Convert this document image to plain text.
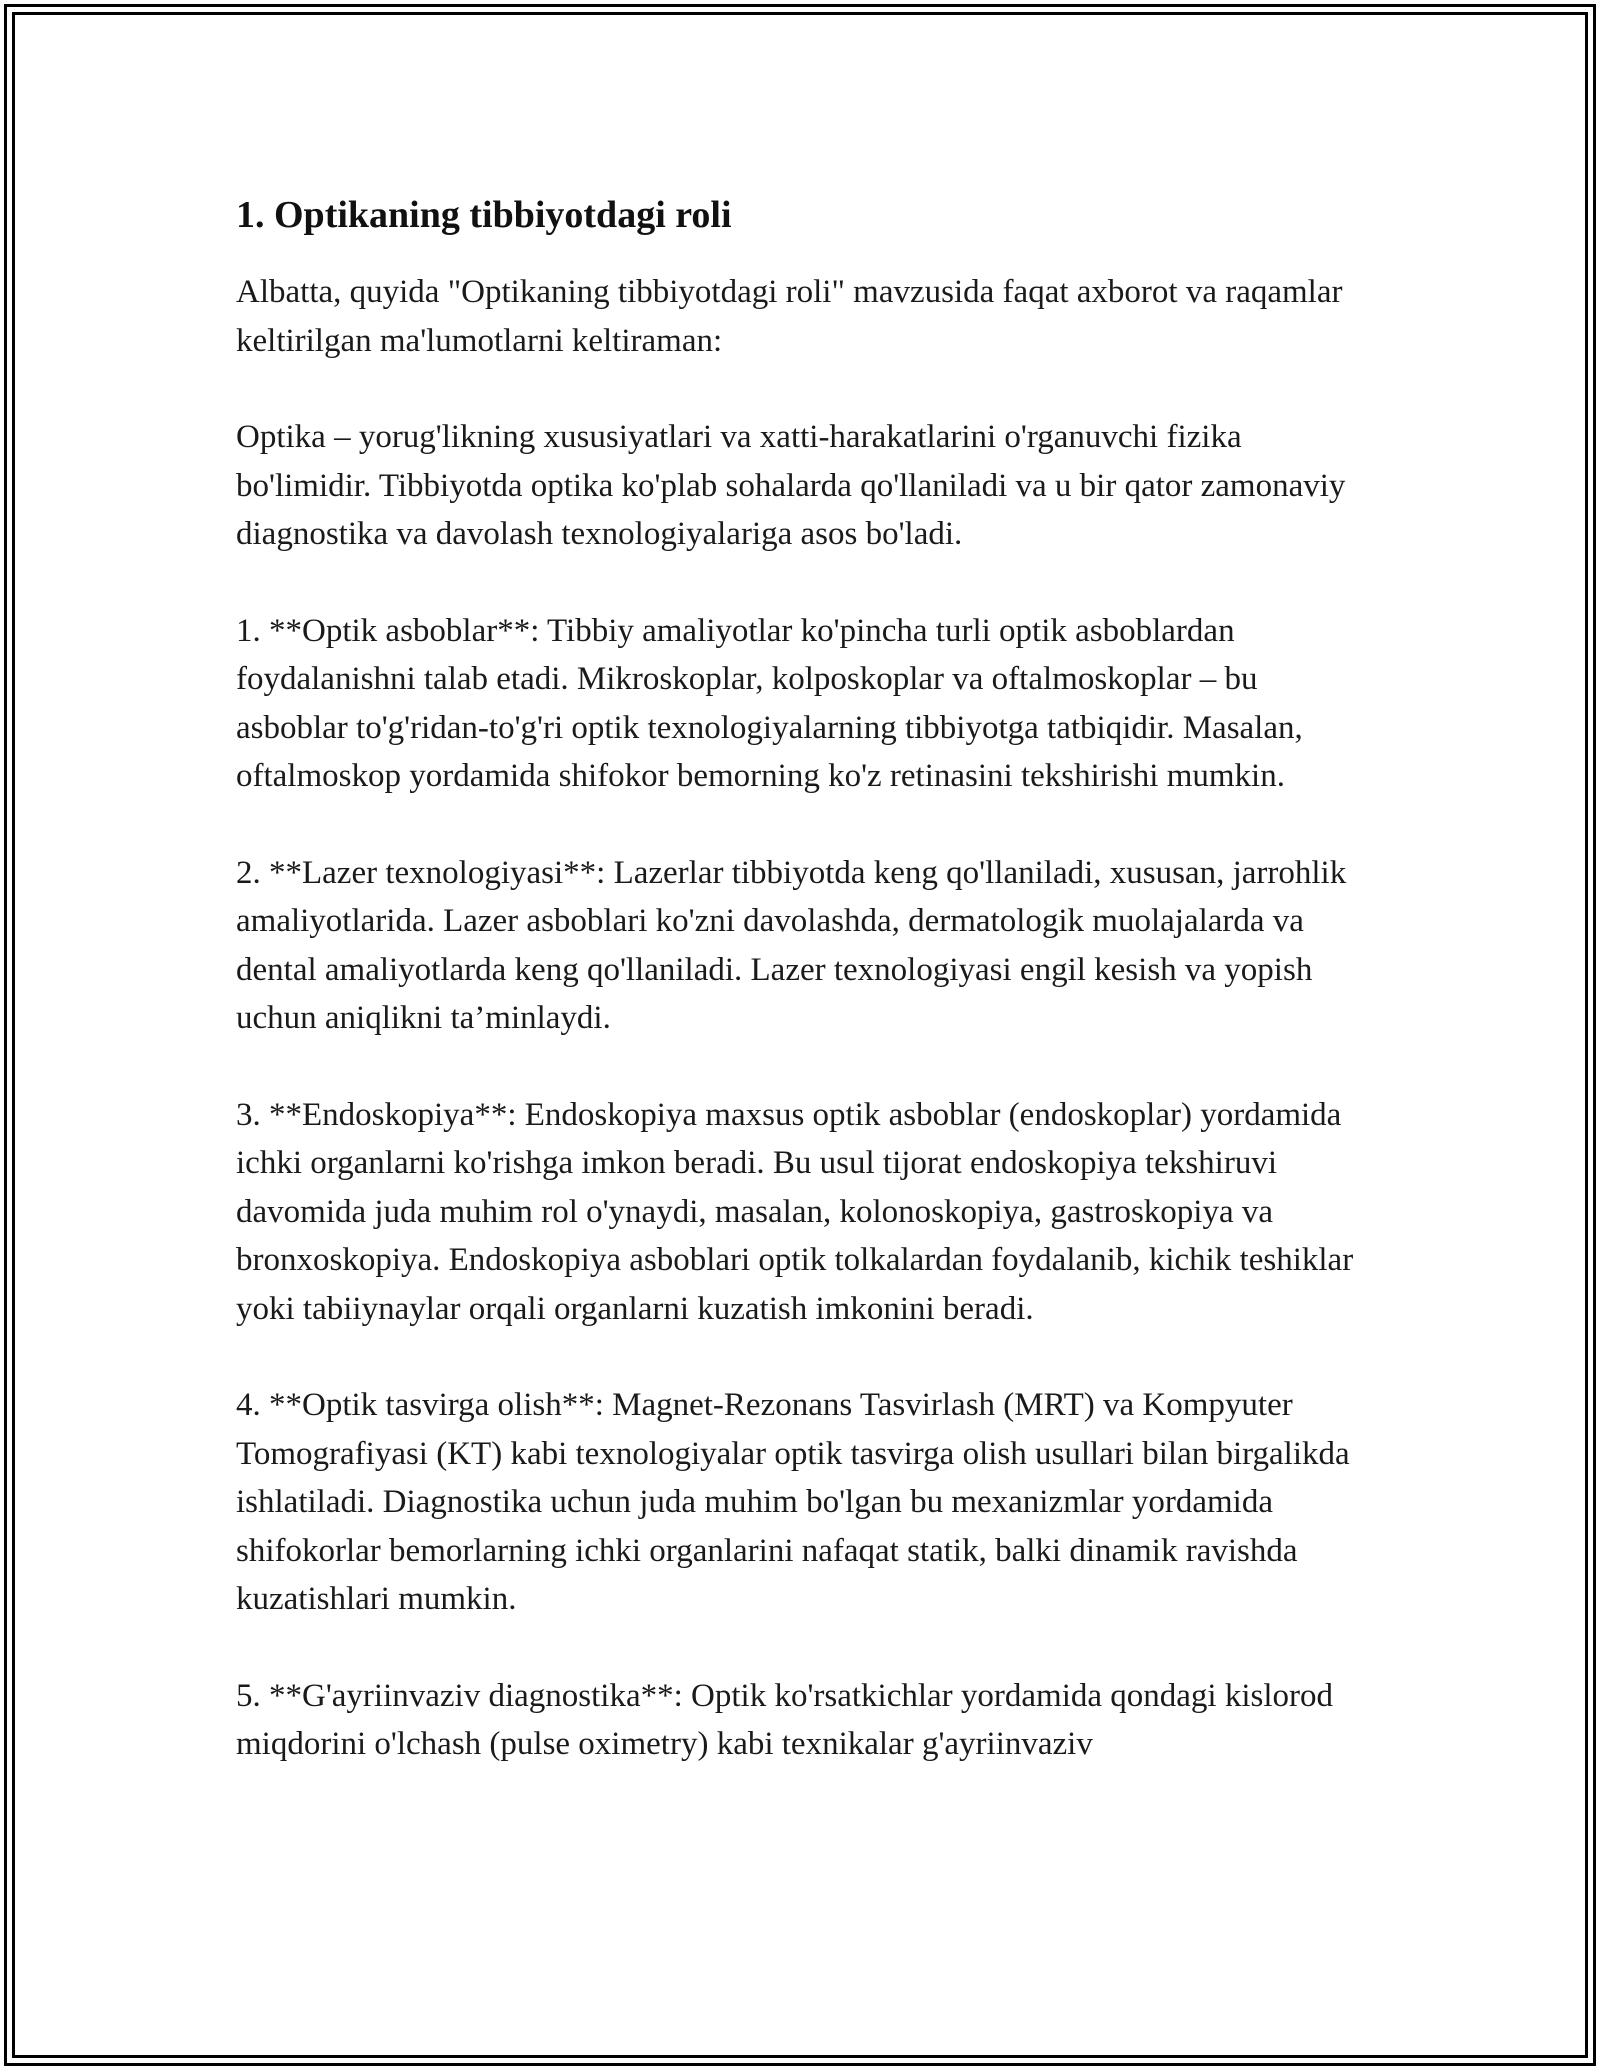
1. Optikaning tibbiyotdagi roli

Albatta, quyida "Optikaning tibbiyotdagi roli" mavzusida faqat axborot va raqamlar keltirilgan ma'lumotlarni keltiraman:

Optika – yorug'likning xususiyatlari va xatti-harakatlarini o'rganuvchi fizika bo'limidir. Tibbiyotda optika ko'plab sohalarda qo'llaniladi va u bir qator zamonaviy diagnostika va davolash texnologiyalariga asos bo'ladi.

1. **Optik asboblar**: Tibbiy amaliyotlar ko'pincha turli optik asboblardan foydalanishni talab etadi. Mikroskoplar, kolposkoplar va oftalmoskoplar – bu asboblar to'g'ridan-to'g'ri optik texnologiyalarning tibbiyotga tatbiqidir. Masalan, oftalmoskop yordamida shifokor bemorning ko'z retinasini tekshirishi mumkin.

2. **Lazer texnologiyasi**: Lazerlar tibbiyotda keng qo'llaniladi, xususan, jarrohlik amaliyotlarida. Lazer asboblari ko'zni davolashda, dermatologik muolajalarda va dental amaliyotlarda keng qo'llaniladi. Lazer texnologiyasi engil kesish va yopish uchun aniqlikni ta’minlaydi.

3. **Endoskopiya**: Endoskopiya maxsus optik asboblar (endoskoplar) yordamida ichki organlarni ko'rishga imkon beradi. Bu usul tijorat endoskopiya tekshiruvi davomida juda muhim rol o'ynaydi, masalan, kolonoskopiya, gastroskopiya va bronxoskopiya. Endoskopiya asboblari optik tolkalardan foydalanib, kichik teshiklar yoki tabiiynaylar orqali organlarni kuzatish imkonini beradi.

4. **Optik tasvirga olish**: Magnet-Rezonans Tasvirlash (MRT) va Kompyuter Tomografiyasi (KT) kabi texnologiyalar optik tasvirga olish usullari bilan birgalikda ishlatiladi. Diagnostika uchun juda muhim bo'lgan bu mexanizmlar yordamida shifokorlar bemorlarning ichki organlarini nafaqat statik, balki dinamik ravishda kuzatishlari mumkin.

5. **G'ayriinvaziv diagnostika**: Optik ko'rsatkichlar yordamida qondagi kislorod miqdorini o'lchash (pulse oximetry) kabi texnikalar g'ayriinvaziv
